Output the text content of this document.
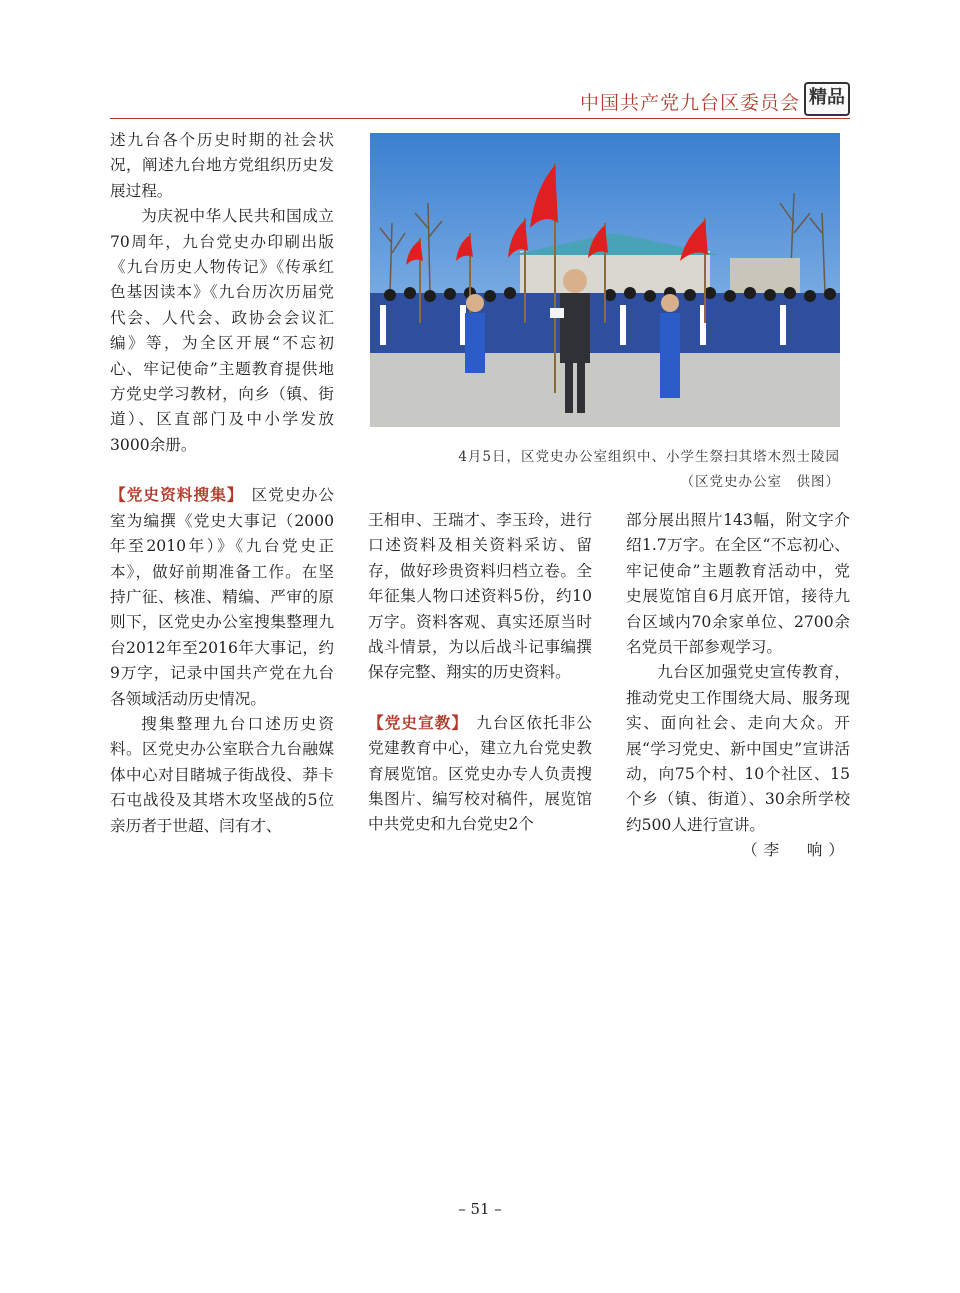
中国共产党九台区委员会 精品

述九台各个历史时期的社会状况，阐述九台地方党组织历史发展过程。

为庆祝中华人民共和国成立70周年，九台党史办印刷出版《九台历史人物传记》《传承红色基因读本》《九台历次历届党代会、人代会、政协会会议汇编》等，为全区开展“不忘初心、牢记使命”主题教育提供地方党史学习教材，向乡（镇、街道）、区直部门及中小学发放3000余册。

【党史资料搜集】 区党史办公室为编撰《党史大事记（2000年至2010年）》《九台党史正本》，做好前期准备工作。在坚持广征、核准、精编、严审的原则下，区党史办公室搜集整理九台2012年至2016年大事记，约9万字，记录中国共产党在九台各领域活动历史情况。

搜集整理九台口述历史资料。区党史办公室联合九台融媒体中心对目睹城子街战役、莽卡石屯战役及其塔木攻坚战的5位亲历者于世超、闫有才、

4月5日，区党史办公室组织中、小学生祭扫其塔木烈士陵园
（区党史办公室　供图）

王相申、王瑞才、李玉玲，进行口述资料及相关资料采访、留存，做好珍贵资料归档立卷。全年征集人物口述资料5份，约10万字。资料客观、真实还原当时战斗情景，为以后战斗记事编撰保存完整、翔实的历史资料。

【党史宣教】 九台区依托非公党建教育中心，建立九台党史教育展览馆。区党史办专人负责搜集图片、编写校对稿件，展览馆中共党史和九台党史2个

部分展出照片143幅，附文字介绍1.7万字。在全区“不忘初心、牢记使命”主题教育活动中，党史展览馆自6月底开馆，接待九台区域内70余家单位、2700余名党员干部参观学习。

九台区加强党史宣传教育，推动党史工作围绕大局、服务现实、面向社会、走向大众。开展“学习党史、新中国史”宣讲活动，向75个村、10个社区、15个乡（镇、街道）、30余所学校约500人进行宣讲。

（李　响）

– 51 –
